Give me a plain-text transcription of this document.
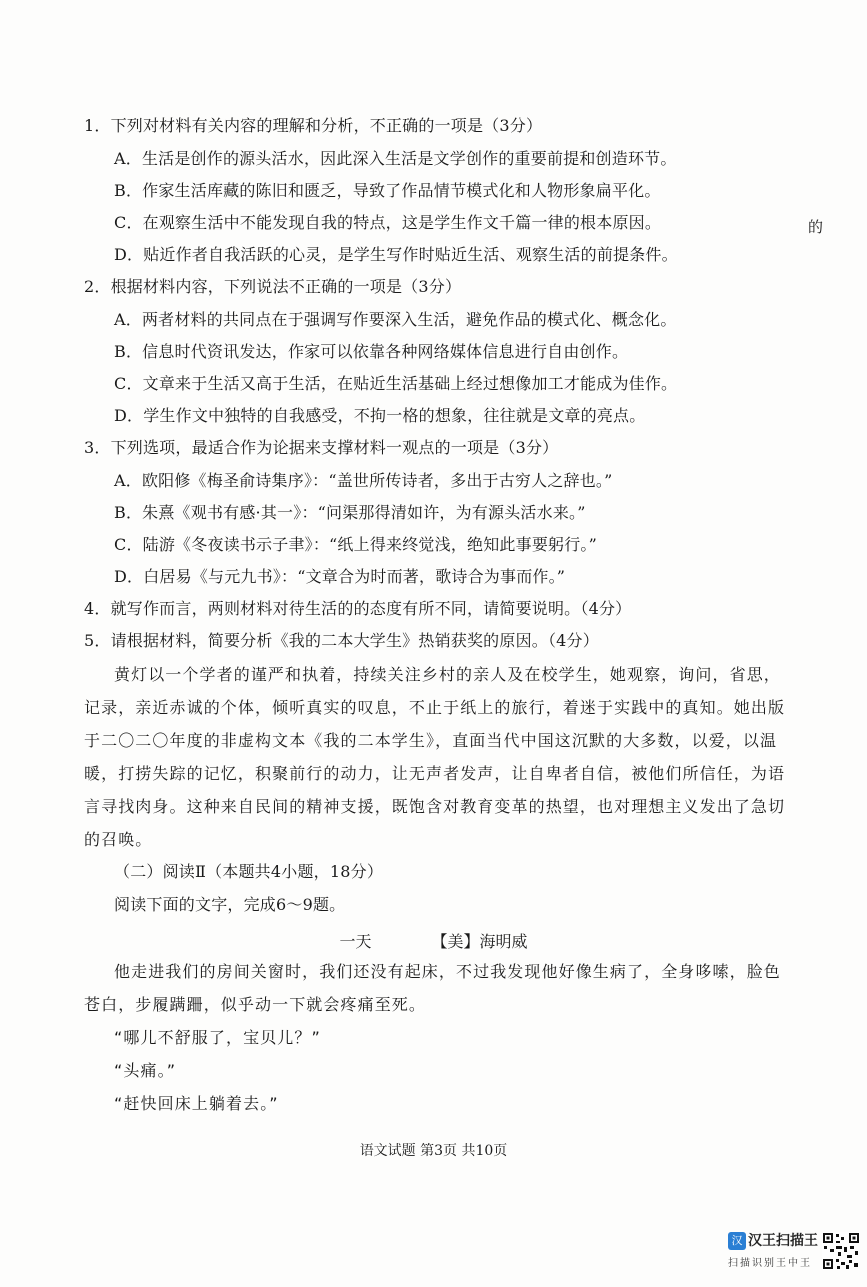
1．下列对材料有关内容的理解和分析，不正确的一项是（3分）
A．生活是创作的源头活水，因此深入生活是文学创作的重要前提和创造环节。
B．作家生活库藏的陈旧和匮乏，导致了作品情节模式化和人物形象扁平化。
C．在观察生活中不能发现自我的特点，这是学生作文千篇一律的根本原因。
D．贴近作者自我活跃的心灵，是学生写作时贴近生活、观察生活的前提条件。
的
2．根据材料内容，下列说法不正确的一项是（3分）
A．两者材料的共同点在于强调写作要深入生活，避免作品的模式化、概念化。
B．信息时代资讯发达，作家可以依靠各种网络媒体信息进行自由创作。
C．文章来于生活又高于生活，在贴近生活基础上经过想像加工才能成为佳作。
D．学生作文中独特的自我感受，不拘一格的想象，往往就是文章的亮点。
3．下列选项，最适合作为论据来支撑材料一观点的一项是（3分）
A．欧阳修《梅圣俞诗集序》：“盖世所传诗者，多出于古穷人之辞也。”
B．朱熹《观书有感·其一》：“问渠那得清如许，为有源头活水来。”
C．陆游《冬夜读书示子聿》：“纸上得来终觉浅，绝知此事要躬行。”
D．白居易《与元九书》：“文章合为时而著，歌诗合为事而作。”
4．就写作而言，两则材料对待生活的的态度有所不同，请简要说明。（4分）
5．请根据材料，简要分析《我的二本大学生》热销获奖的原因。（4分）
黄灯以一个学者的谨严和执着，持续关注乡村的亲人及在校学生，她观察，询问，省思，
记录，亲近赤诚的个体，倾听真实的叹息，不止于纸上的旅行，着迷于实践中的真知。她出版
于二〇二〇年度的非虚构文本《我的二本学生》，直面当代中国这沉默的大多数，以爱，以温
暖，打捞失踪的记忆，积聚前行的动力，让无声者发声，让自卑者自信，被他们所信任，为语
言寻找肉身。这种来自民间的精神支援，既饱含对教育变革的热望，也对理想主义发出了急切
的召唤。
（二）阅读Ⅱ（本题共4小题，18分）
阅读下面的文字，完成6～9题。
一天	【美】海明威
他走进我们的房间关窗时，我们还没有起床，不过我发现他好像生病了，全身哆嗦，脸色
苍白，步履蹒跚，似乎动一下就会疼痛至死。
“哪儿不舒服了，宝贝儿？”
“头痛。”
“赶快回床上躺着去。”
语文试题 第3页 共10页
汉 汉王扫描王
扫描识别王中王
